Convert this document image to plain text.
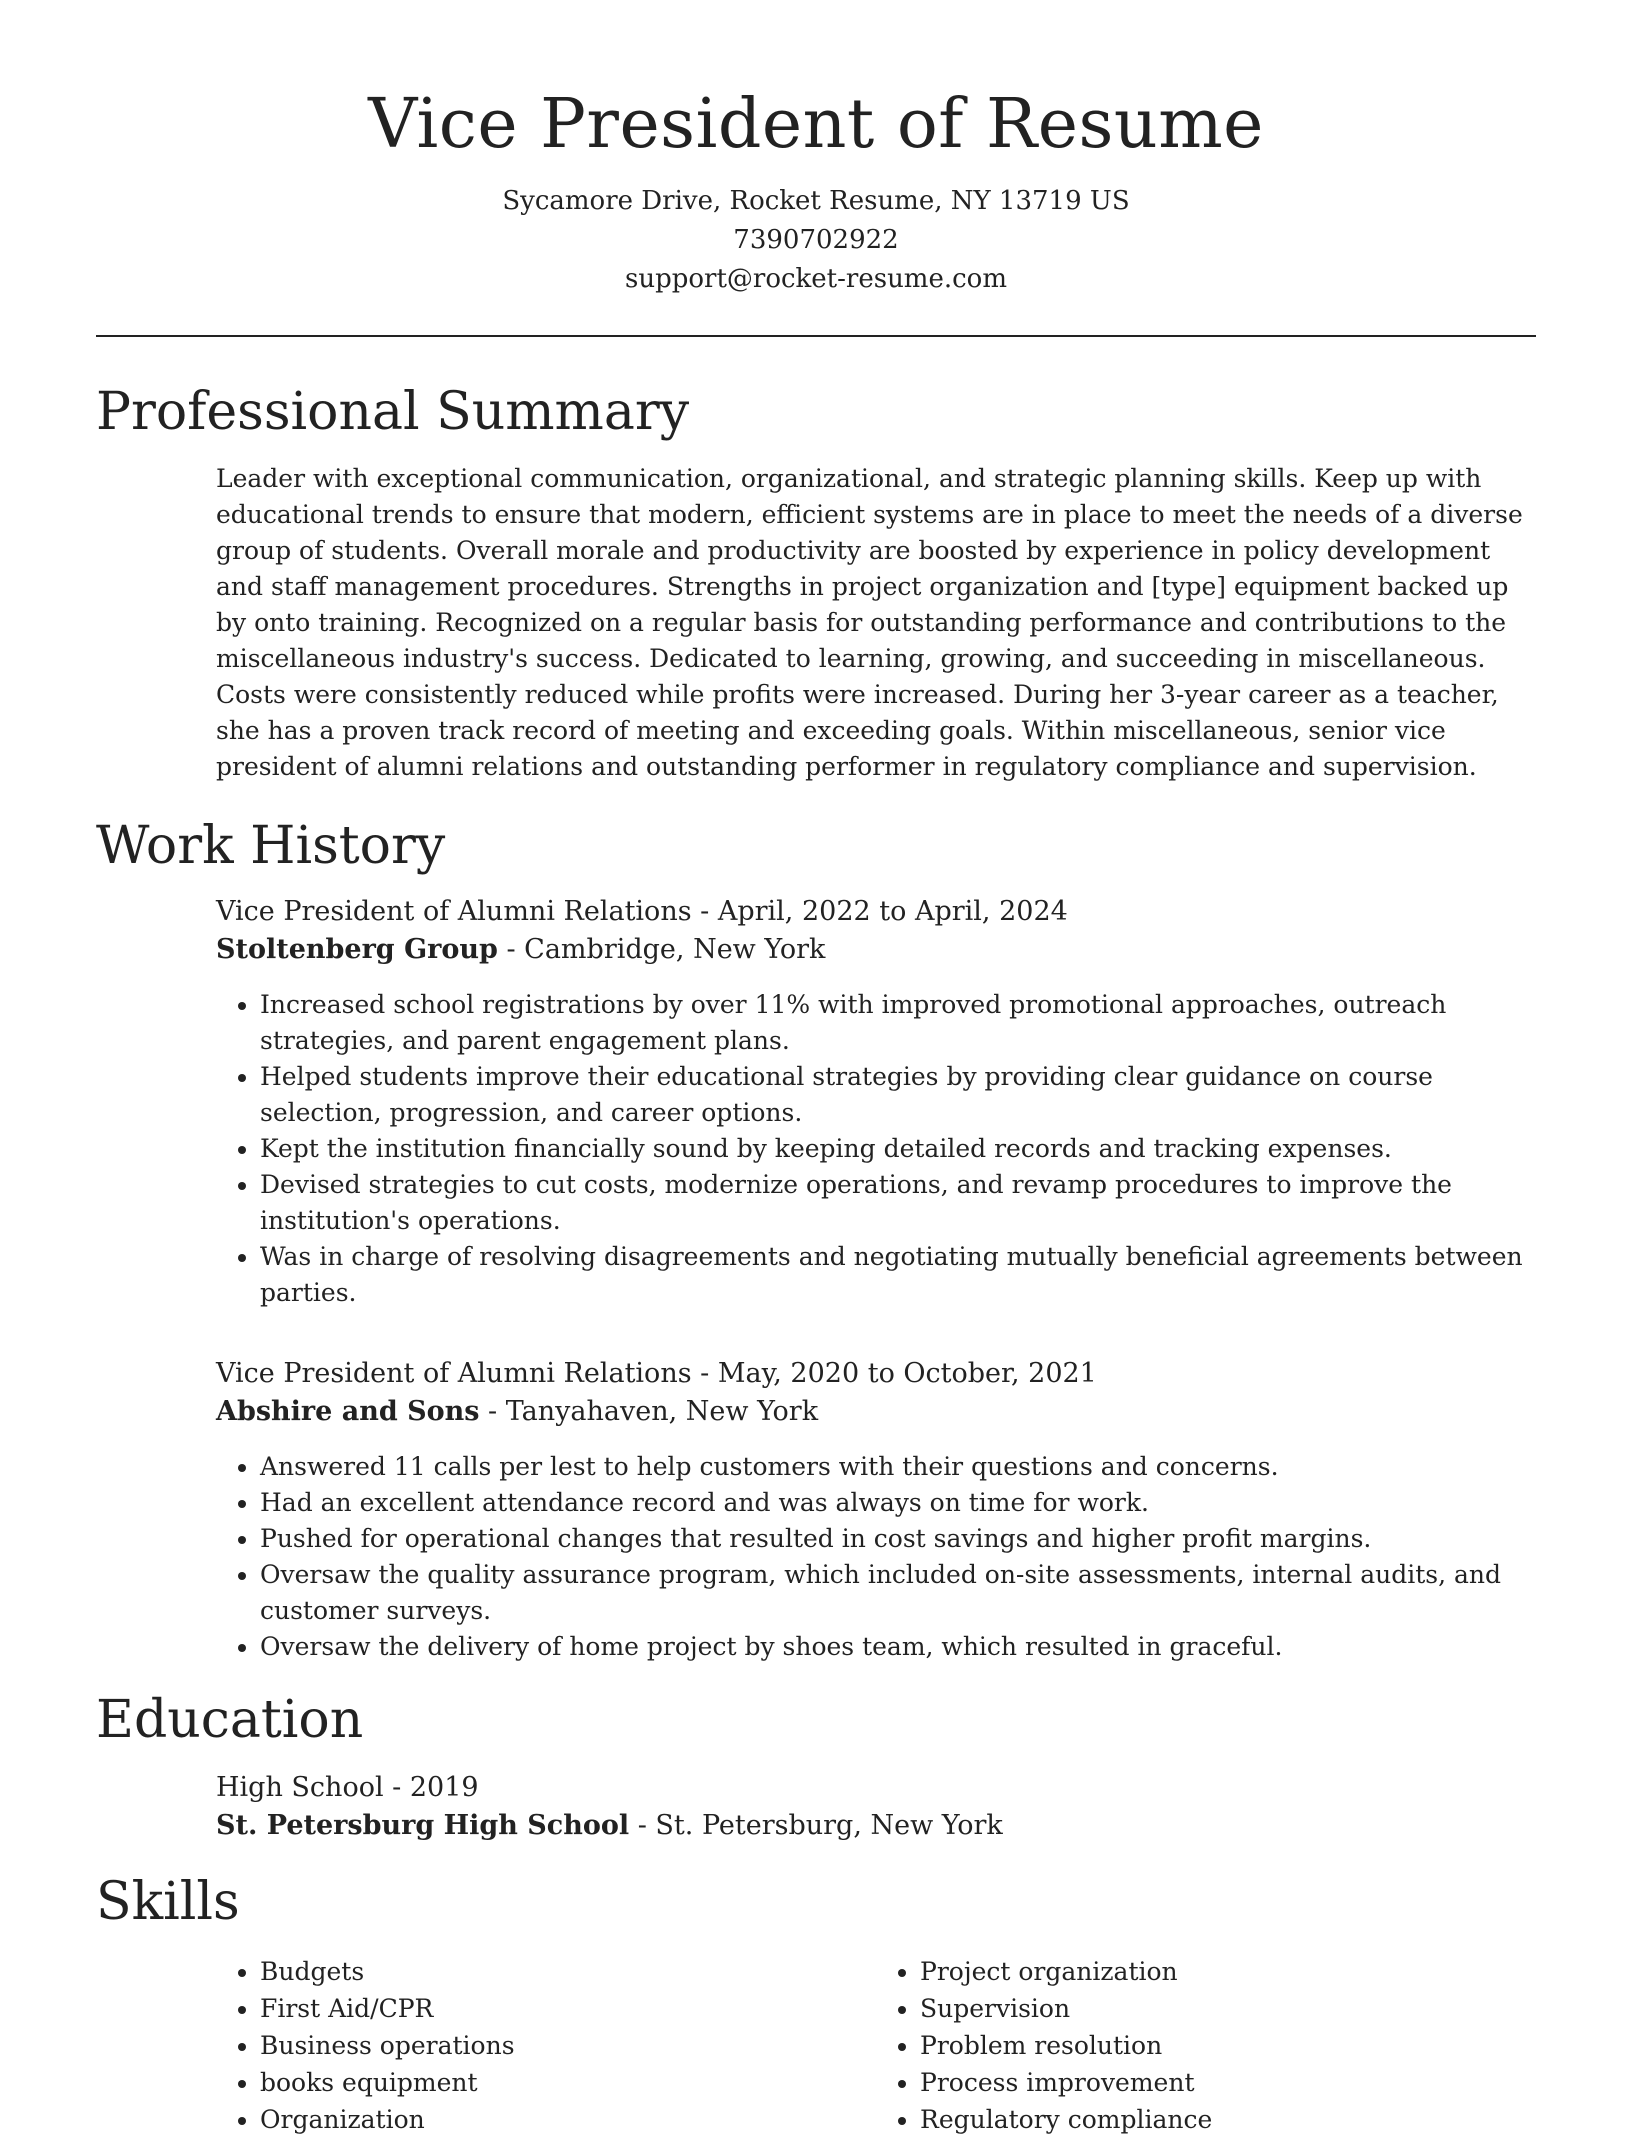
Vice President of Resume
Sycamore Drive, Rocket Resume, NY 13719 US
7390702922
support@rocket-resume.com
Professional Summary

Leader with exceptional communication, organizational, and strategic planning skills. Keep up with educational trends to ensure that modern, efficient systems are in place to meet the needs of a diverse group of students. Overall morale and productivity are boosted by experience in policy development and staff management procedures. Strengths in project organization and [type] equipment backed up by onto training. Recognized on a regular basis for outstanding performance and contributions to the miscellaneous industry's success. Dedicated to learning, growing, and succeeding in miscellaneous. Costs were consistently reduced while profits were increased. During her 3-year career as a teacher, she has a proven track record of meeting and exceeding goals. Within miscellaneous, senior vice president of alumni relations and outstanding performer in regulatory compliance and supervision.

Work History
Vice President of Alumni Relations - April, 2022 to April, 2024
Stoltenberg Group - Cambridge, New York
• Increased school registrations by over 11% with improved promotional approaches, outreach strategies, and parent engagement plans.
• Helped students improve their educational strategies by providing clear guidance on course selection, progression, and career options.
• Kept the institution financially sound by keeping detailed records and tracking expenses.
• Devised strategies to cut costs, modernize operations, and revamp procedures to improve the institution's operations.
• Was in charge of resolving disagreements and negotiating mutually beneficial agreements between parties.
Vice President of Alumni Relations - May, 2020 to October, 2021
Abshire and Sons - Tanyahaven, New York
• Answered 11 calls per lest to help customers with their questions and concerns.
• Had an excellent attendance record and was always on time for work.
• Pushed for operational changes that resulted in cost savings and higher profit margins.
• Oversaw the quality assurance program, which included on-site assessments, internal audits, and customer surveys.
• Oversaw the delivery of home project by shoes team, which resulted in graceful.
Education
High School - 2019
St. Petersburg High School - St. Petersburg, New York
Skills
• Budgets
• First Aid/CPR
• Business operations
• books equipment
• Organization
• Project organization
• Supervision
• Problem resolution
• Process improvement
• Regulatory compliance
